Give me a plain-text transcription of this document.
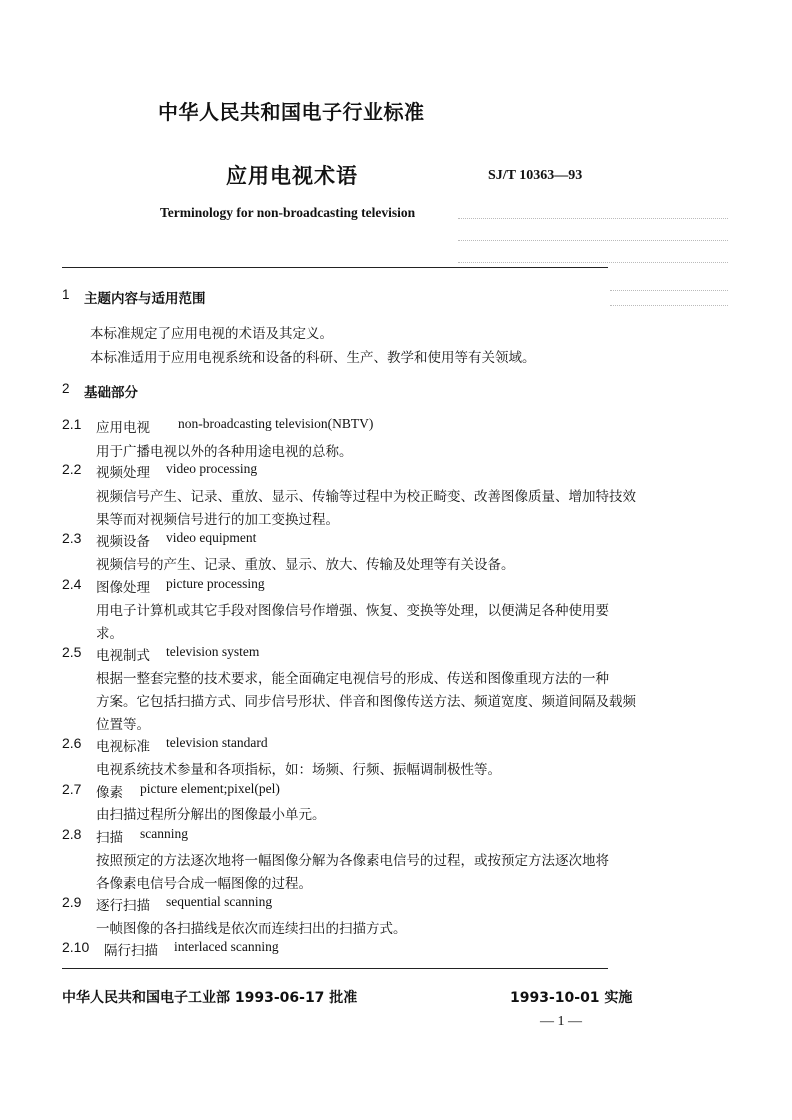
中华人民共和国电子行业标准
应用电视术语	SJ/T 10363—93
Terminology for non-broadcasting television
1 主题内容与适用范围
本标准规定了应用电视的术语及其定义。
本标准适用于应用电视系统和设备的科研、生产、教学和使用等有关领域。
2 基础部分
2.1 应用电视 non-broadcasting television(NBTV)
用于广播电视以外的各种用途电视的总称。
2.2 视频处理 video processing
视频信号产生、记录、重放、显示、传输等过程中为校正畸变、改善图像质量、增加特技效
果等而对视频信号进行的加工变换过程。
2.3 视频设备 video equipment
视频信号的产生、记录、重放、显示、放大、传输及处理等有关设备。
2.4 图像处理 picture processing
用电子计算机或其它手段对图像信号作增强、恢复、变换等处理，以便满足各种使用要
求。
2.5 电视制式 television system
根据一整套完整的技术要求，能全面确定电视信号的形成、传送和图像重现方法的一种
方案。它包括扫描方式、同步信号形状、伴音和图像传送方法、频道宽度、频道间隔及载频
位置等。
2.6 电视标准 television standard
电视系统技术参量和各项指标，如：场频、行频、振幅调制极性等。
2.7 像素 picture element;pixel(pel)
由扫描过程所分解出的图像最小单元。
2.8 扫描 scanning
按照预定的方法逐次地将一幅图像分解为各像素电信号的过程，或按预定方法逐次地将
各像素电信号合成一幅图像的过程。
2.9 逐行扫描 sequential scanning
一帧图像的各扫描线是依次而连续扫出的扫描方式。
2.10 隔行扫描 interlaced scanning
中华人民共和国电子工业部 1993-06-17 批准	1993-10-01 实施
— 1 —
